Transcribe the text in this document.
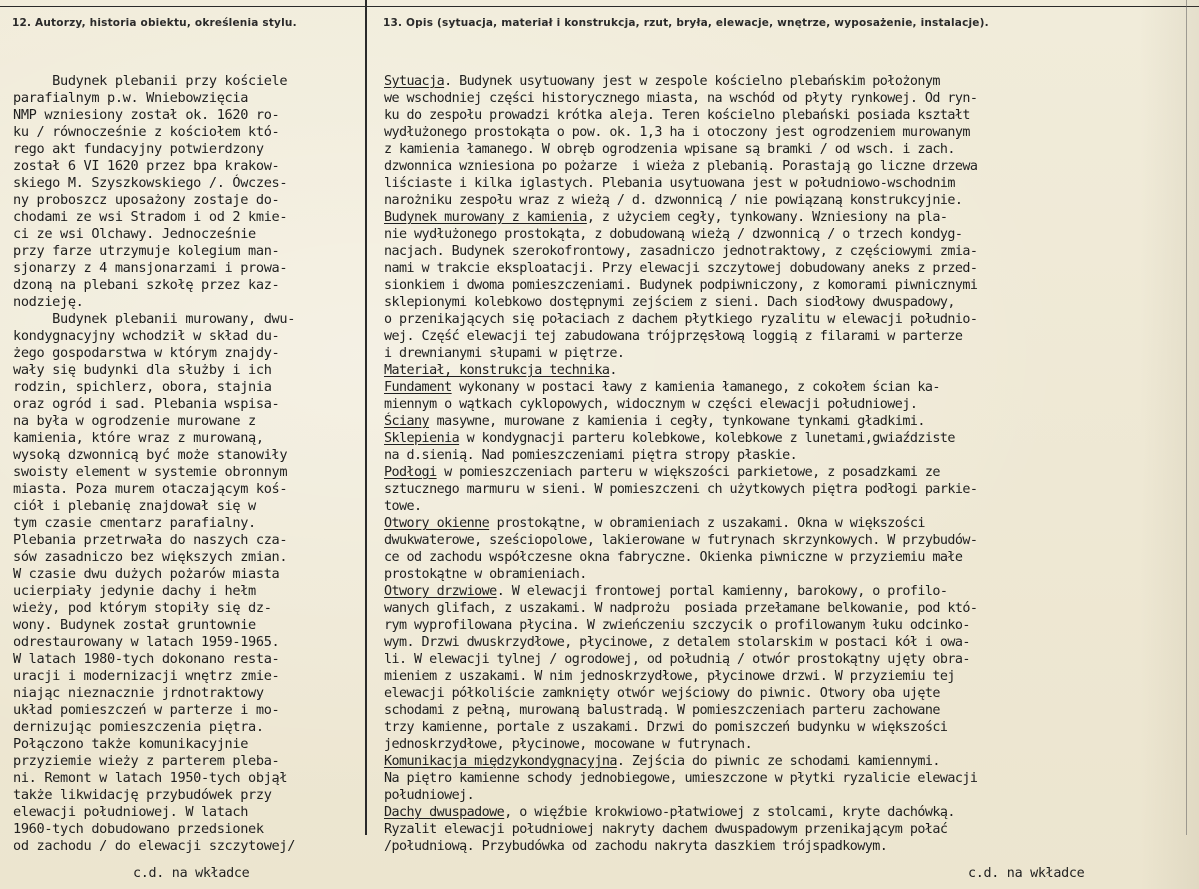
12. Autorzy, historia obiektu, określenia stylu.	13. Opis (sytuacja, materiał i konstrukcja, rzut, bryła, elewacje, wnętrze, wyposażenie, instalacje).
Budynek plebanii przy kościele
parafialnym p.w. Wniebowzięcia
NMP wzniesiony został ok. 1620 ro-
ku / równocześnie z kościołem któ-
rego akt fundacyjny potwierdzony
został 6 VI 1620 przez bpa krakow-
skiego M. Szyszkowskiego /. Ówczes-
ny proboszcz uposażony zostaje do-
chodami ze wsi Stradom i od 2 kmie-
ci ze wsi Olchawy. Jednocześnie
przy farze utrzymuje kolegium man-
sjonarzy z 4 mansjonarzami i prowa-
dzoną na plebani szkołę przez kaz-
nodzieję.
Budynek plebanii murowany, dwu-
kondygnacyjny wchodził w skład du-
żego gospodarstwa w którym znajdy-
wały się budynki dla służby i ich
rodzin, spichlerz, obora, stajnia
oraz ogród i sad. Plebania wspisa-
na była w ogrodzenie murowane z
kamienia, które wraz z murowaną,
wysoką dzwonnicą być może stanowiły
swoisty element w systemie obronnym
miasta. Poza murem otaczającym koś-
ciół i plebanię znajdował się w
tym czasie cmentarz parafialny.
Plebania przetrwała do naszych cza-
sów zasadniczo bez większych zmian.
W czasie dwu dużych pożarów miasta
ucierpiały jedynie dachy i hełm
wieży, pod którym stopiły się dz-
wony. Budynek został gruntownie
odrestaurowany w latach 1959-1965.
W latach 1980-tych dokonano resta-
uracji i modernizacji wnętrz zmie-
niając nieznacznie jrdnotraktowy
układ pomieszczeń w parterze i mo-
dernizując pomieszczenia piętra.
Połączono także komunikacyjnie
przyziemie wieży z parterem pleba-
ni. Remont w latach 1950-tych objął
także likwidację przybudówek przy
elewacji południowej. W latach
1960-tych dobudowano przedsionek
od zachodu / do elewacji szczytowej/
Sytuacja. Budynek usytuowany jest w zespole kościelno plebańskim położonym
we wschodniej części historycznego miasta, na wschód od płyty rynkowej. Od ryn-
ku do zespołu prowadzi krótka aleja. Teren kościelno plebański posiada kształt
wydłużonego prostokąta o pow. ok. 1,3 ha i otoczony jest ogrodzeniem murowanym
z kamienia łamanego. W obręb ogrodzenia wpisane są bramki / od wsch. i zach.
dzwonnica wzniesiona po pożarze  i wieża z plebanią. Porastają go liczne drzewa
liściaste i kilka iglastych. Plebania usytuowana jest w południowo-wschodnim
narożniku zespołu wraz z wieżą / d. dzwonnicą / nie powiązaną konstrukcyjnie.
Budynek murowany z kamienia, z użyciem cegły, tynkowany. Wzniesiony na pla-
nie wydłużonego prostokąta, z dobudowaną wieżą / dzwonnicą / o trzech kondyg-
nacjach. Budynek szerokofrontowy, zasadniczo jednotraktowy, z częściowymi zmia-
nami w trakcie eksploatacji. Przy elewacji szczytowej dobudowany aneks z przed-
sionkiem i dwoma pomieszczeniami. Budynek podpiwniczony, z komorami piwnicznymi
sklepionymi kolebkowo dostępnymi zejściem z sieni. Dach siodłowy dwuspadowy,
o przenikających się połaciach z dachem płytkiego ryzalitu w elewacji południo-
wej. Część elewacji tej zabudowana trójprzęsłową loggią z filarami w parterze
i drewnianymi słupami w piętrze.
Materiał, konstrukcja technika.
Fundament wykonany w postaci ławy z kamienia łamanego, z cokołem ścian ka-
miennym o wątkach cyklopowych, widocznym w części elewacji południowej.
Ściany masywne, murowane z kamienia i cegły, tynkowane tynkami gładkimi.
Sklepienia w kondygnacji parteru kolebkowe, kolebkowe z lunetami,gwiaździste
na d.sienią. Nad pomieszczeniami piętra stropy płaskie.
Podłogi w pomieszczeniach parteru w większości parkietowe, z posadzkami ze
sztucznego marmuru w sieni. W pomieszczeni ch użytkowych piętra podłogi parkie-
towe.
Otwory okienne prostokątne, w obramieniach z uszakami. Okna w większości
dwukwaterowe, sześciopolowe, lakierowane w futrynach skrzynkowych. W przybudów-
ce od zachodu współczesne okna fabryczne. Okienka piwniczne w przyziemiu małe
prostokątne w obramieniach.
Otwory drzwiowe. W elewacji frontowej portal kamienny, barokowy, o profilo-
wanych glifach, z uszakami. W nadprożu  posiada przełamane belkowanie, pod któ-
rym wyprofilowana płycina. W zwieńczeniu szczycik o profilowanym łuku odcinko-
wym. Drzwi dwuskrzydłowe, płycinowe, z detalem stolarskim w postaci kół i owa-
li. W elewacji tylnej / ogrodowej, od południą / otwór prostokątny ujęty obra-
mieniem z uszakami. W nim jednoskrzydłowe, płycinowe drzwi. W przyziemiu tej
elewacji półkoliście zamknięty otwór wejściowy do piwnic. Otwory oba ujęte
schodami z pełną, murowaną balustradą. W pomieszczeniach parteru zachowane
trzy kamienne, portale z uszakami. Drzwi do pomiszczeń budynku w większości
jednoskrzydłowe, płycinowe, mocowane w futrynach.
Komunikacja międzykondygnacyjna. Zejścia do piwnic ze schodami kamiennymi.
Na piętro kamienne schody jednobiegowe, umieszczone w płytki ryzalicie elewacji
południowej.
Dachy dwuspadowe, o więźbie krokwiowo-płatwiowej z stolcami, kryte dachówką.
Ryzalit elewacji południowej nakryty dachem dwuspadowym przenikającym połać
/południową. Przybudówka od zachodu nakryta daszkiem trójspadkowym.
c.d. na wkładce	c.d. na wkładce
